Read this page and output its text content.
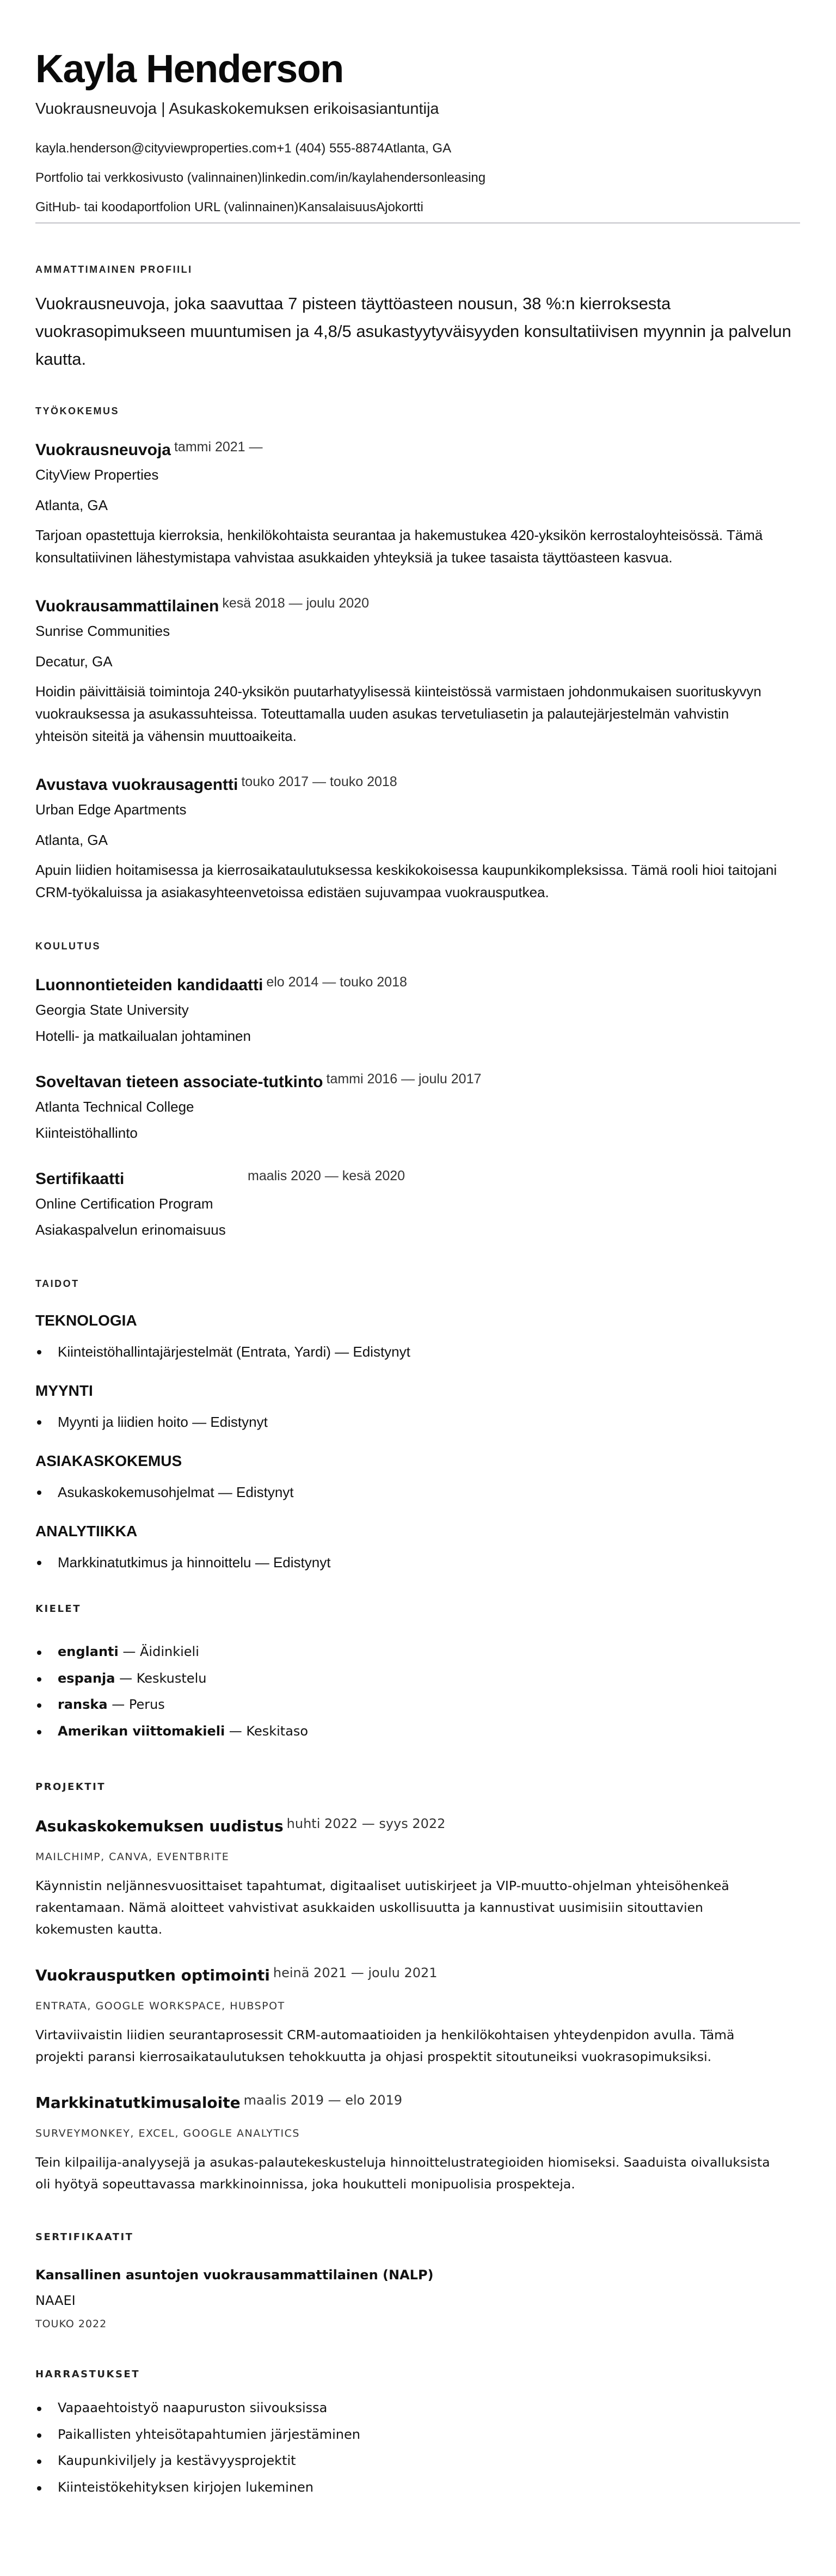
Kayla Henderson
Vuokrausneuvoja | Asukaskokemuksen erikoisasiantuntija
kayla.henderson@cityviewproperties.com+1 (404) 555-8874Atlanta, GA
Portfolio tai verkkosivusto (valinnainen)linkedin.com/in/kaylahendersonleasing
GitHub- tai koodaportfolion URL (valinnainen)KansalaisuusAjokortti
AMMATTIMAINEN PROFIILI

Vuokrausneuvoja, joka saavuttaa 7 pisteen täyttöasteen nousun, 38 %:n kierroksesta vuokrasopimukseen muuntumisen ja 4,8/5 asukastyytyväisyyden konsultatiivisen myynnin ja palvelun kautta.

TYÖKOKEMUS
Vuokrausneuvoja $^{tammi 2021 —}$
CityView Properties
Atlanta, GA

Tarjoan opastettuja kierroksia, henkilökohtaista seurantaa ja hakemustukea 420-yksikön kerrostaloyhteisössä. Tämä konsultatiivinen lähestymistapa vahvistaa asukkaiden yhteyksiä ja tukee tasaista täyttöasteen kasvua.

Vuokrausammattilainen $^{kesä 2018 — joulu 2020}$
Sunrise Communities
Decatur, GA

Hoidin päivittäisiä toimintoja 240-yksikön puutarhatyylisessä kiinteistössä varmistaen johdonmukaisen suorituskyvyn vuokrauksessa ja asukassuhteissa. Toteuttamalla uuden asukas tervetuliasetin ja palautejärjestelmän vahvistin yhteisön siteitä ja vähensin muuttoaikeita.

Avustava vuokrausagentti $^{touko 2017 — touko 2018}$
Urban Edge Apartments
Atlanta, GA

Apuin liidien hoitamisessa ja kierrosaikataulutuksessa keskikokoisessa kaupunkikompleksissa. Tämä rooli hioi taitojani CRM-työkaluissa ja asiakasyhteenvetoissa edistäen sujuvampaa vuokrausputkea.

KOULUTUS
Luonnontieteiden kandidaatti $^{elo 2014 — touko 2018}$
Georgia State University
Hotelli- ja matkailualan johtaminen
Soveltavan tieteen associate-tutkinto $^{tammi 2016 — joulu 2017}$
Atlanta Technical College
Kiinteistöhallinto
Sertifikaatti	$^{maalis 2020 — kesä 2020}$
Online Certification Program
Asiakaspalvelun erinomaisuus
TAIDOT
TEKNOLOGIA
Kiinteistöhallintajärjestelmät (Entrata, Yardi) — Edistynyt
MYYNTI
Myynti ja liidien hoito — Edistynyt
ASIAKASKOKEMUS
Asukaskokemusohjelmat — Edistynyt
ANALYTIIKKA
Markkinatutkimus ja hinnoittelu — Edistynyt
KIELET
englanti — Äidinkieli
espanja — Keskustelu
ranska — Perus
Amerikan viittomakieli — Keskitaso
PROJEKTIT
Asukaskokemuksen uudistus huhti 2022 — syys 2022
MAILCHIMP, CANVA, EVENTBRITE

Käynnistin neljännesvuosittaiset tapahtumat, digitaaliset uutiskirjeet ja VIP-muutto-ohjelman yhteisöhenkeä rakentamaan. Nämä aloitteet vahvistivat asukkaiden uskollisuutta ja kannustivat uusimisiin sitouttavien kokemusten kautta.

Vuokrausputken optimointi heinä 2021 — joulu 2021
ENTRATA, GOOGLE WORKSPACE, HUBSPOT

Virtaviivaistin liidien seurantaprosessit CRM-automaatioiden ja henkilökohtaisen yhteydenpidon avulla. Tämä projekti paransi kierrosaikataulutuksen tehokkuutta ja ohjasi prospektit sitoutuneiksi vuokrasopimuksiksi.

Markkinatutkimusaloite maalis 2019 — elo 2019
SURVEYMONKEY, EXCEL, GOOGLE ANALYTICS

Tein kilpailija-analyysejä ja asukas-palautekeskusteluja hinnoittelustrategioiden hiomiseksi. Saaduista oivalluksista oli hyötyä sopeuttavassa markkinoinnissa, joka houkutteli monipuolisia prospekteja.

SERTIFIKAATIT
Kansallinen asuntojen vuokrausammattilainen (NALP)
NAAEI
TOUKO 2022
HARRASTUKSET
Vapaaehtoistyö naapuruston siivouksissa
Paikallisten yhteisötapahtumien järjestäminen
Kaupunkiviljely ja kestävyysprojektit
Kiinteistökehityksen kirjojen lukeminen
